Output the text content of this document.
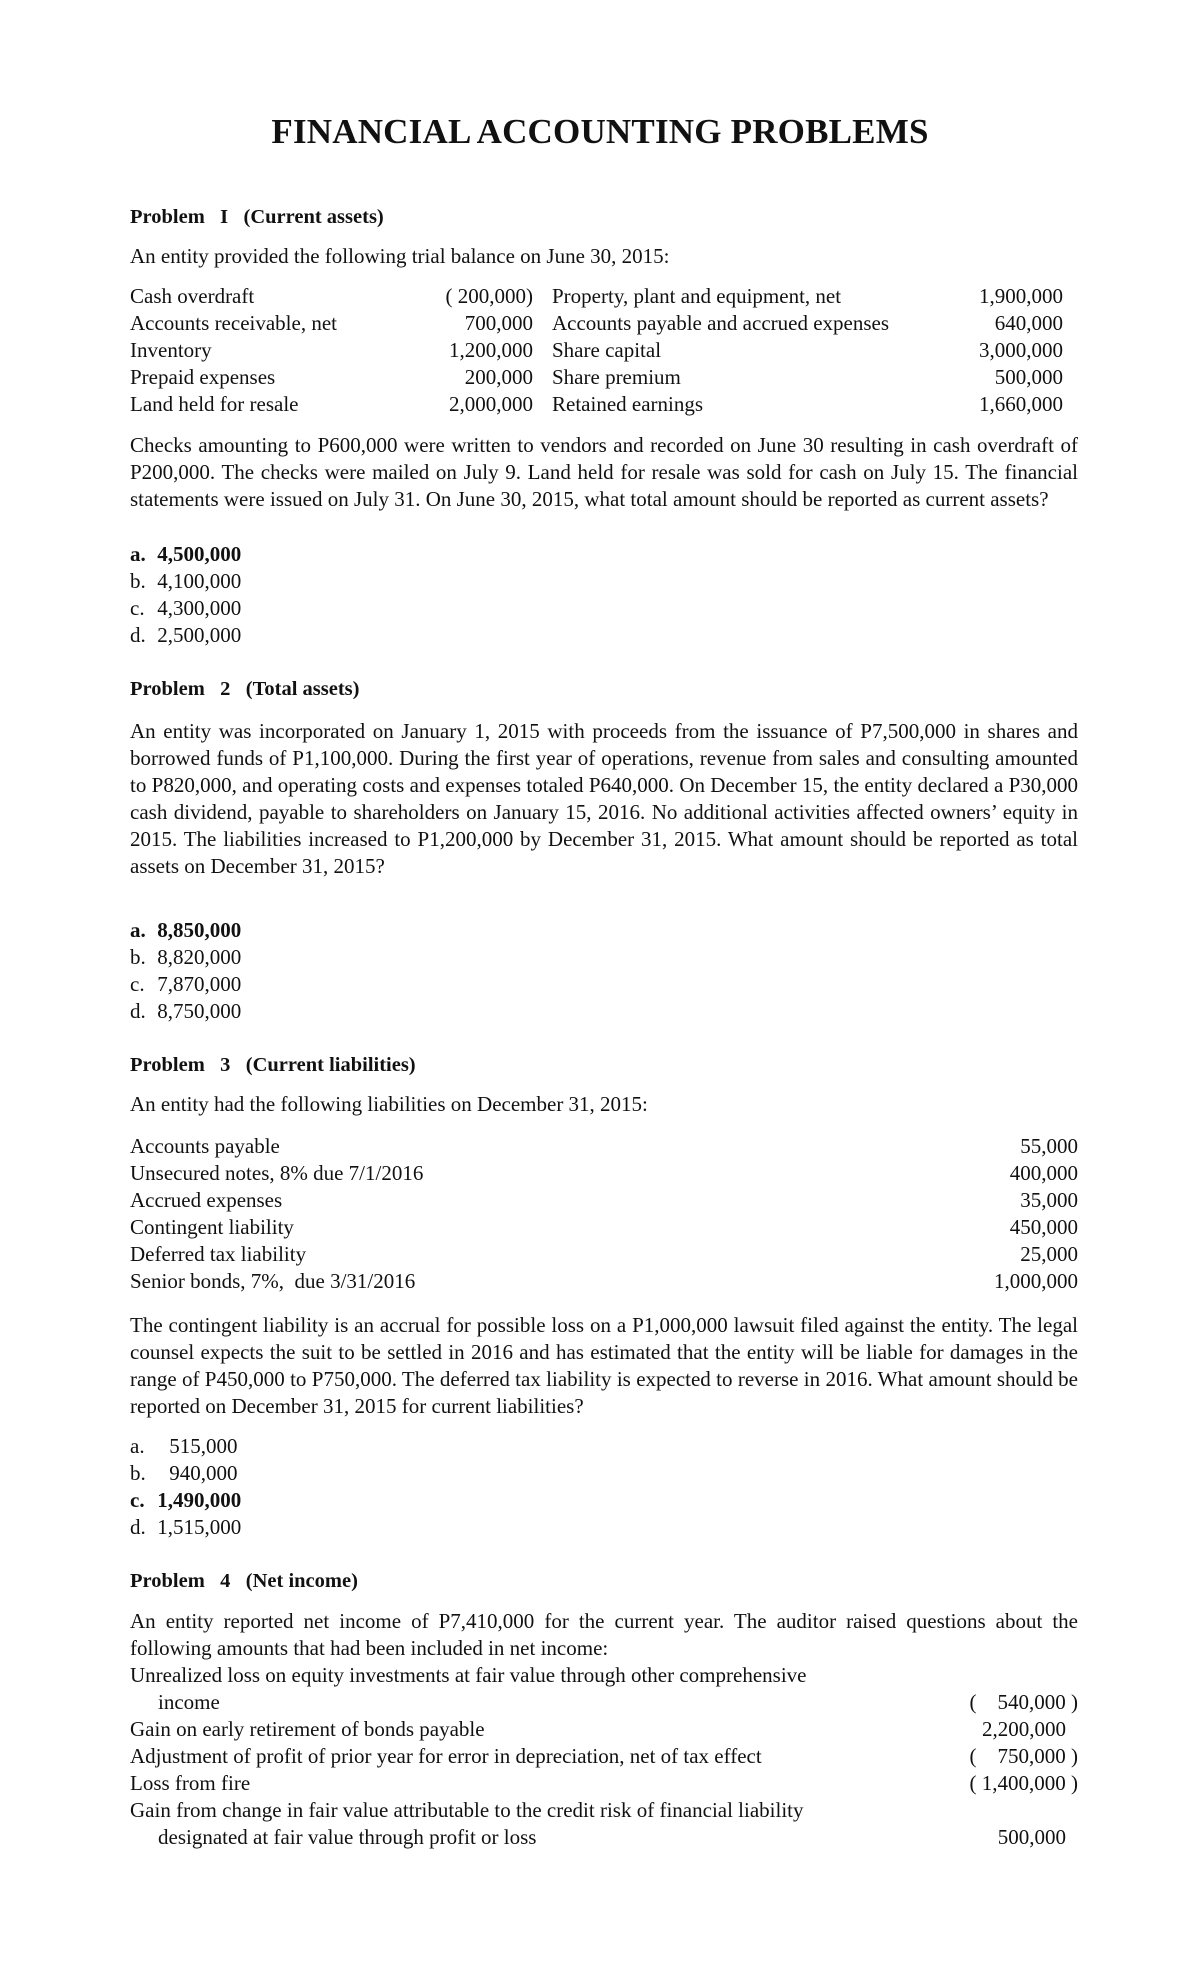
FINANCIAL ACCOUNTING PROBLEMS
Problem   I   (Current assets)
An entity provided the following trial balance on June 30, 2015:
Cash overdraft	( 200,000) Property, plant and equipment, net	1,900,000
Accounts receivable, net	700,000 Accounts payable and accrued expenses	640,000
Inventory	1,200,000 Share capital	3,000,000
Prepaid expenses	200,000 Share premium	500,000
Land held for resale	2,000,000 Retained earnings	1,660,000
Checks amounting to P600,000 were written to vendors and recorded on June 30 resulting in cash overdraft of P200,000. The checks were mailed on July 9. Land held for resale was sold for cash on July 15. The financial statements were issued on July 31. On June 30, 2015, what total amount should be reported as current assets?
a. 4,500,000
b. 4,100,000
c. 4,300,000
d. 2,500,000
Problem   2   (Total assets)
An entity was incorporated on January 1, 2015 with proceeds from the issuance of P7,500,000 in shares and borrowed funds of P1,100,000. During the first year of operations, revenue from sales and consulting amounted to P820,000, and operating costs and expenses totaled P640,000. On December 15, the entity declared a P30,000 cash dividend, payable to shareholders on January 15, 2016. No additional activities affected owners’ equity in 2015. The liabilities increased to P1,200,000 by December 31, 2015. What amount should be reported as total assets on December 31, 2015?
a. 8,850,000
b. 8,820,000
c. 7,870,000
d. 8,750,000
Problem   3   (Current liabilities)
An entity had the following liabilities on December 31, 2015:
Accounts payable	55,000
Unsecured notes, 8% due 7/1/2016	400,000
Accrued expenses	35,000
Contingent liability	450,000
Deferred tax liability	25,000
Senior bonds, 7%,  due 3/31/2016	1,000,000
The contingent liability is an accrual for possible loss on a P1,000,000 lawsuit filed against the entity. The legal counsel expects the suit to be settled in 2016 and has estimated that the entity will be liable for damages in the range of P450,000 to P750,000. The deferred tax liability is expected to reverse in 2016. What amount should be reported on December 31, 2015 for current liabilities?
a. 515,000
b. 940,000
c. 1,490,000
d. 1,515,000
Problem   4   (Net income)
An entity reported net income of P7,410,000 for the current year. The auditor raised questions about the following amounts that had been included in net income:
Unrealized loss on equity investments at fair value through other comprehensive
income	(    540,000 )
Gain on early retirement of bonds payable	2,200,000
Adjustment of profit of prior year for error in depreciation, net of tax effect	(    750,000 )
Loss from fire	( 1,400,000 )
Gain from change in fair value attributable to the credit risk of financial liability
designated at fair value through profit or loss	500,000
